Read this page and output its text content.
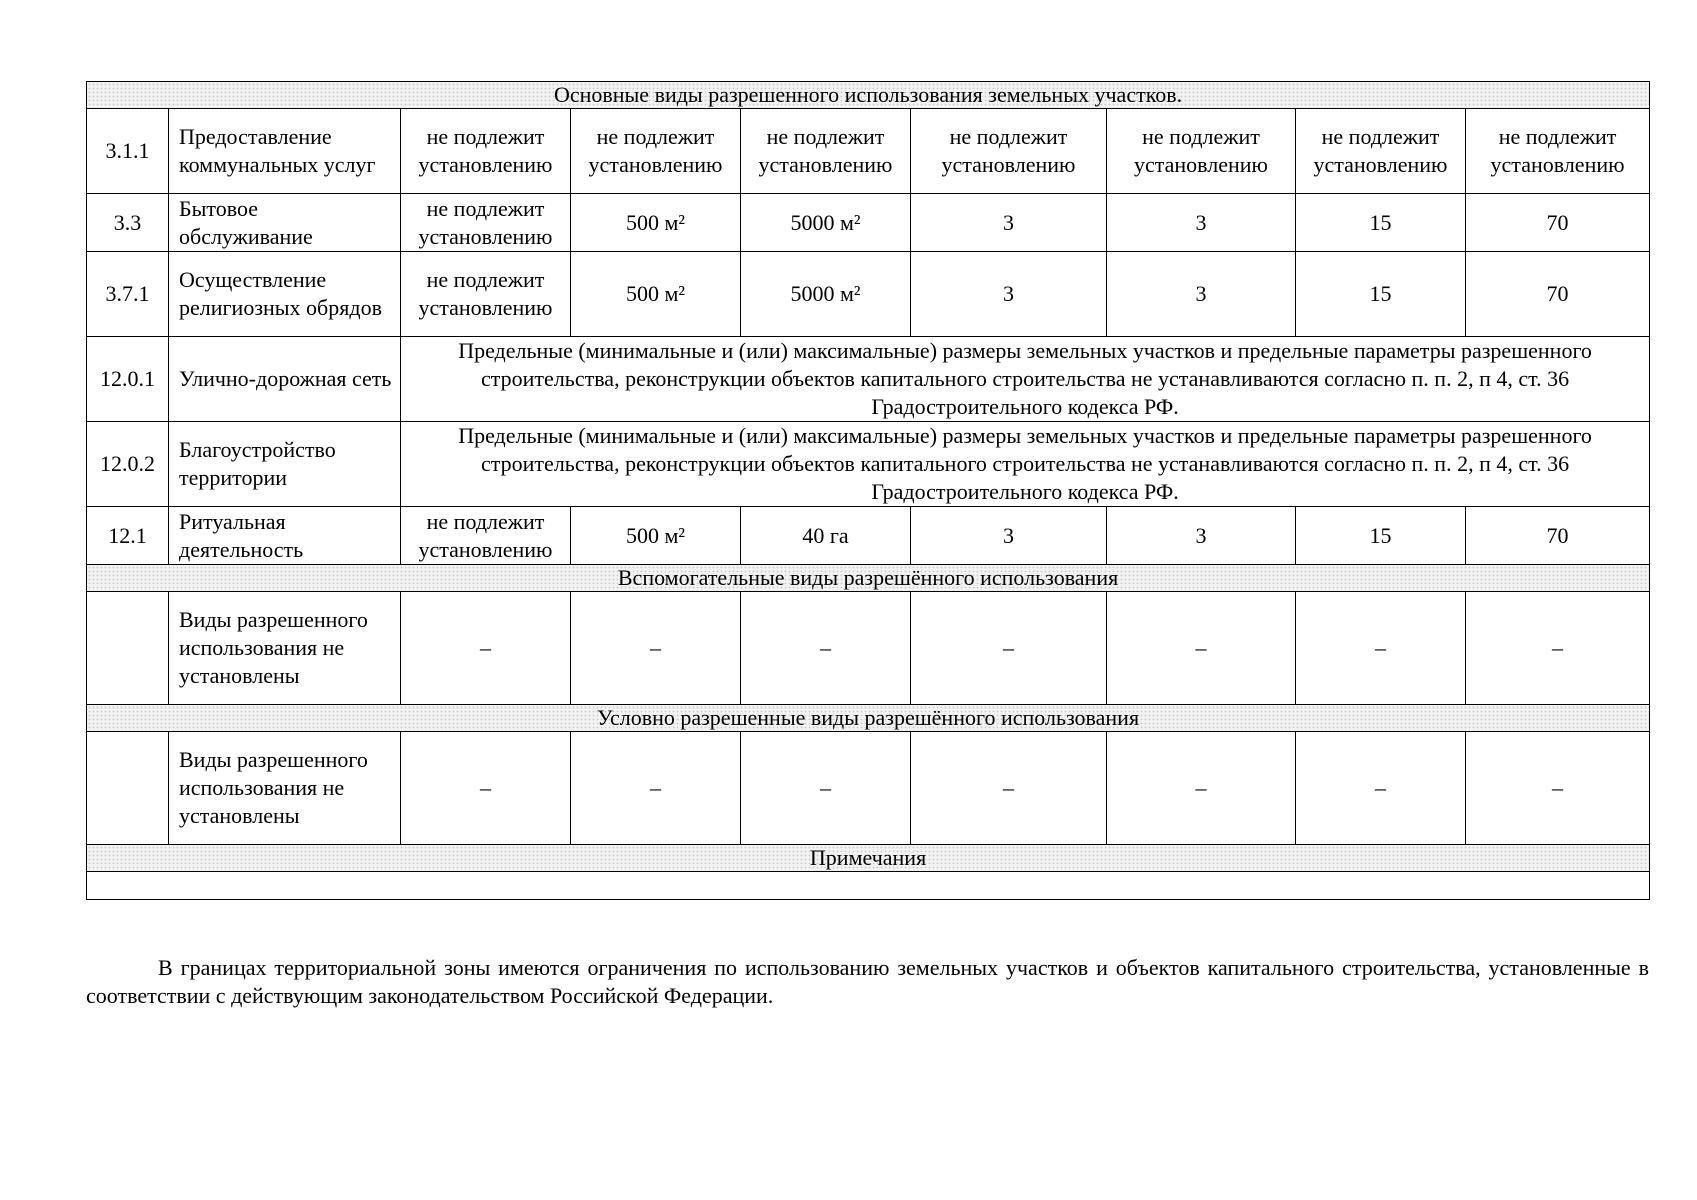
Основные виды разрешенного использования земельных участков.								
3.1.1	Предоставление коммунальных услуг	не подлежит установлению	не подлежит установлению	не подлежит установлению	не подлежит установлению	не подлежит установлению	не подлежит установлению	не подлежит установлению
3.3	Бытовое обслуживание	не подлежит установлению	500 м²	5000 м²	3	3	15	70
3.7.1	Осуществление религиозных обрядов	не подлежит установлению	500 м²	5000 м²	3	3	15	70
12.0.1	Улично-дорожная сеть	Предельные (минимальные и (или) максимальные) размеры земельных участков и предельные параметры разрешенного строительства, реконструкции объектов капитального строительства не устанавливаются согласно п. п. 2, п 4, ст. 36 Градостроительного кодекса РФ.						
12.0.2	Благоустройство территории	Предельные (минимальные и (или) максимальные) размеры земельных участков и предельные параметры разрешенного строительства, реконструкции объектов капитального строительства не устанавливаются согласно п. п. 2, п 4, ст. 36 Градостроительного кодекса РФ.						
12.1	Ритуальная деятельность	не подлежит установлению	500 м²	40 га	3	3	15	70
Вспомогательные виды разрешённого использования								
	Виды разрешенного использования не установлены	–	–	–	–	–	–	–
Условно разрешенные виды разрешённого использования								
	Виды разрешенного использования не установлены	–	–	–	–	–	–	–
Примечания								

В границах территориальной зоны имеются ограничения по использованию земельных участков и объектов капитального строительства, установленные в соответствии с действующим законодательством Российской Федерации.
